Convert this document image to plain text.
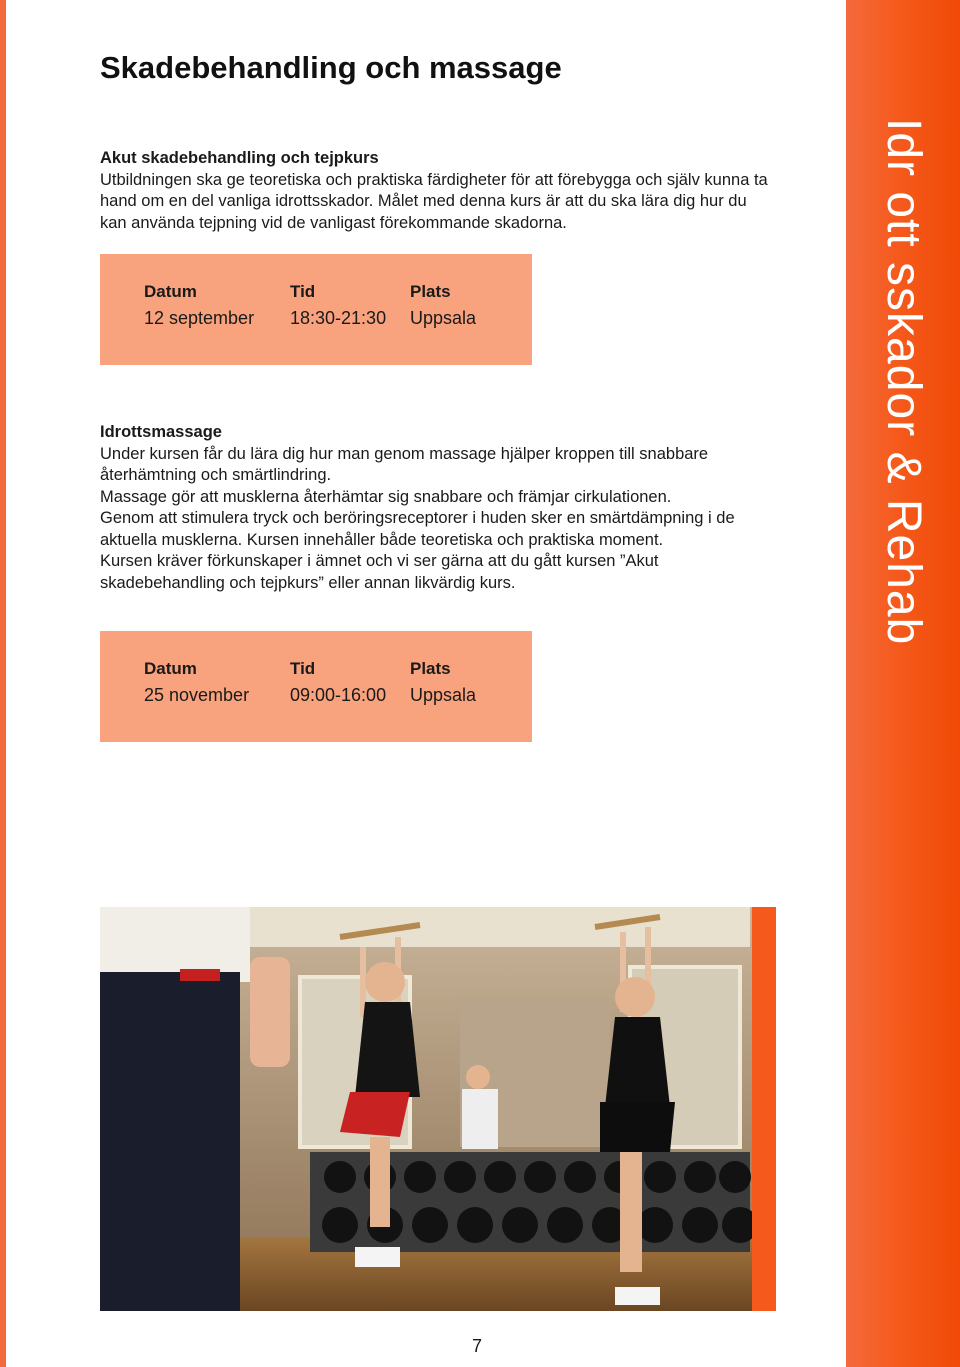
Idr ott sskador & Rehab
Skadebehandling och massage
Akut skadebehandling och tejpkurs

Utbildningen ska ge teoretiska och praktiska färdigheter för att förebygga och själv kunna ta hand om en del vanliga idrottsskador. Målet med denna kurs är att du ska lära dig hur du kan använda tejpning vid de vanligast förekommande skadorna.

Datum
12 september
Tid
18:30-21:30
Plats
Uppsala
Idrottsmassage

Under kursen får du lära dig hur man genom massage hjälper kroppen till snabbare återhämtning och smärtlindring.

Massage gör att musklerna återhämtar sig snabbare och främjar cirkulationen.

Genom att stimulera tryck och beröringsreceptorer i huden sker en smärtdämpning i de aktuella musklerna. Kursen innehåller både teoretiska och praktiska moment.

Kursen kräver förkunskaper i ämnet och vi ser gärna att du gått kursen ”Akut skadebehandling och tejpkurs” eller annan likvärdig kurs.

Datum
25 november
Tid
09:00-16:00
Plats
Uppsala
7
